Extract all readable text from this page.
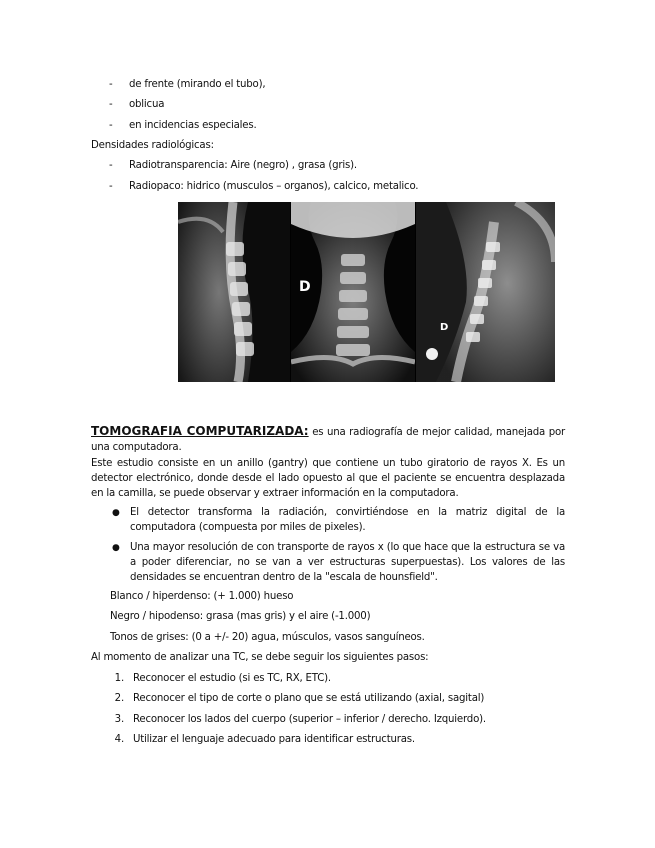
- de frente (mirando el tubo),
- oblicua
- en incidencias especiales.
Densidades radiológicas:
- Radiotransparencia: Aire (negro) , grasa (gris).
- Radiopaco: hidrico (musculos – organos), calcico, metalico.
D
D
TOMOGRAFIA COMPUTARIZADA: es una radiografía de mejor calidad, manejada por una computadora.
Este estudio consiste en un anillo (gantry) que contiene un tubo giratorio de rayos X. Es un detector electrónico, donde desde el lado opuesto al que el paciente se encuentra desplazada en la camilla, se puede observar y extraer información en la computadora.
● El detector transforma la radiación, convirtiéndose en la matriz digital de la computadora (compuesta por miles de pixeles).
● Una mayor resolución de con transporte de rayos x (lo que hace que la estructura se va a poder diferenciar, no se van a ver estructuras superpuestas). Los valores de las densidades se encuentran dentro de la "escala de hounsfield".
Blanco / hiperdenso: (+ 1.000) hueso
Negro / hipodenso: grasa (mas gris) y el aire (-1.000)
Tonos de grises: (0 a +/- 20) agua, músculos, vasos sanguíneos.
Al momento de analizar una TC, se debe seguir los siguientes pasos:
1. Reconocer el estudio (si es TC, RX, ETC).
2. Reconocer el tipo de corte o plano que se está utilizando (axial, sagital)
3. Reconocer los lados del cuerpo (superior – inferior / derecho. Izquierdo).
4. Utilizar el lenguaje adecuado para identificar estructuras.
